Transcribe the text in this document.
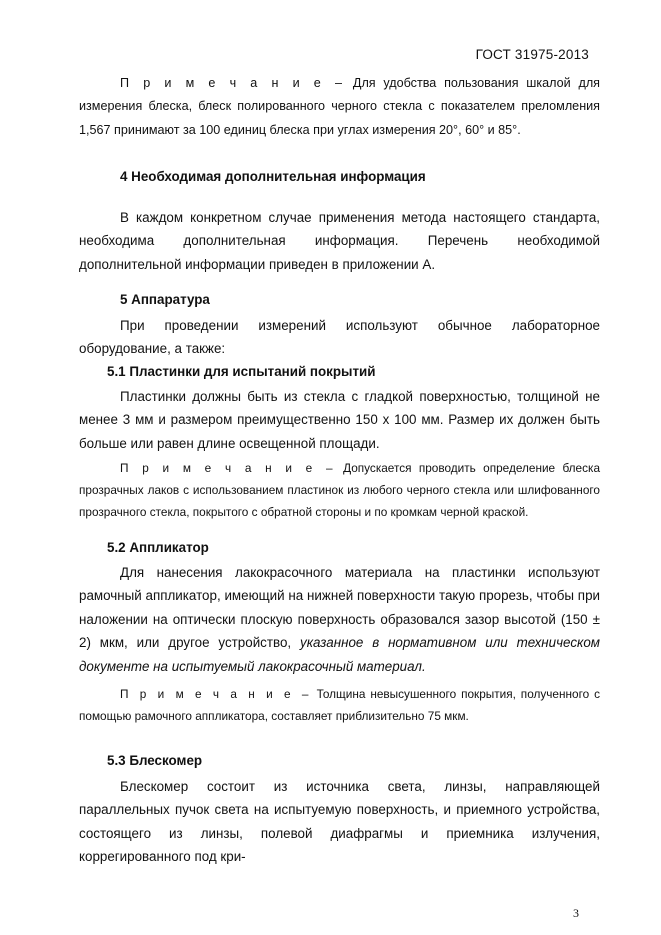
ГОСТ 31975-2013

П р и м е ч а н и е – Для удобства пользования шкалой для измерения блеска, блеск полированного черного стекла с показателем преломления 1,567 принимают за 100 единиц блеска при углах измерения 20°, 60° и 85°.

4 Необходимая дополнительная информация

В каждом конкретном случае применения метода настоящего стандарта, необходима дополнительная информация. Перечень необходимой дополнительной информации приведен в приложении А.

5 Аппаратура

При проведении измерений используют обычное лабораторное оборудование, а также:

5.1 Пластинки для испытаний покрытий

Пластинки должны быть из стекла с гладкой поверхностью, толщиной не менее 3 мм и размером преимущественно 150 х 100 мм. Размер их должен быть больше или равен длине освещенной площади.

П р и м е ч а н и е – Допускается проводить определение блеска прозрачных лаков с использованием пластинок из любого черного стекла или шлифованного прозрачного стекла, покрытого с обратной стороны и по кромкам черной краской.

5.2 Аппликатор

Для нанесения лакокрасочного материала на пластинки используют рамочный аппликатор, имеющий на нижней поверхности такую прорезь, чтобы при наложении на оптически плоскую поверхность образовался зазор высотой (150 ± 2) мкм, или другое устройство, указанное в нормативном или техническом документе на испытуемый лакокрасочный материал.

П р и м е ч а н и е – Толщина невысушенного покрытия, полученного с помощью рамочного аппликатора, составляет приблизительно 75 мкм.

5.3 Блескомер

Блескомер состоит из источника света, линзы, направляющей параллельных пучок света на испытуемую поверхность, и приемного устройства, состоящего из линзы, полевой диафрагмы и приемника излучения, коррегированного под кри-

3
